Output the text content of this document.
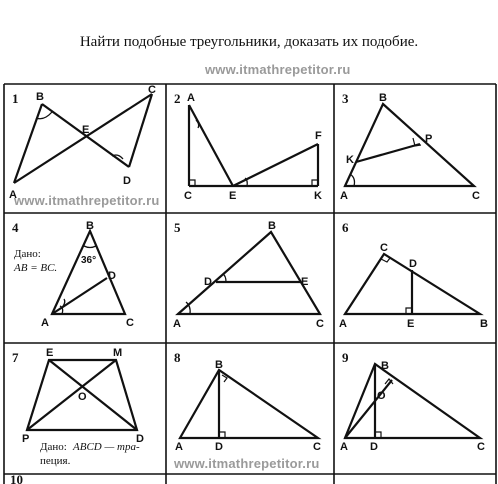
Найти подобные треугольники, доказать их подобие.
www.itmathrepetitor.ru
www.itmathrepetitor.ru
www.itmathrepetitor.ru
1	2	3
4	5	6
7	8	9
10
B
C
E
A
D
A
F
C	E	K
B
P
K
A	C
B
36°
D
A	C
Дано:
AB = BC.
B
D	E
A	C
C
D
A	E	B
E	M
O
P	D
Дано: ABCD — тра-
пеция.
B
A	D	C
B
O
A D	C
